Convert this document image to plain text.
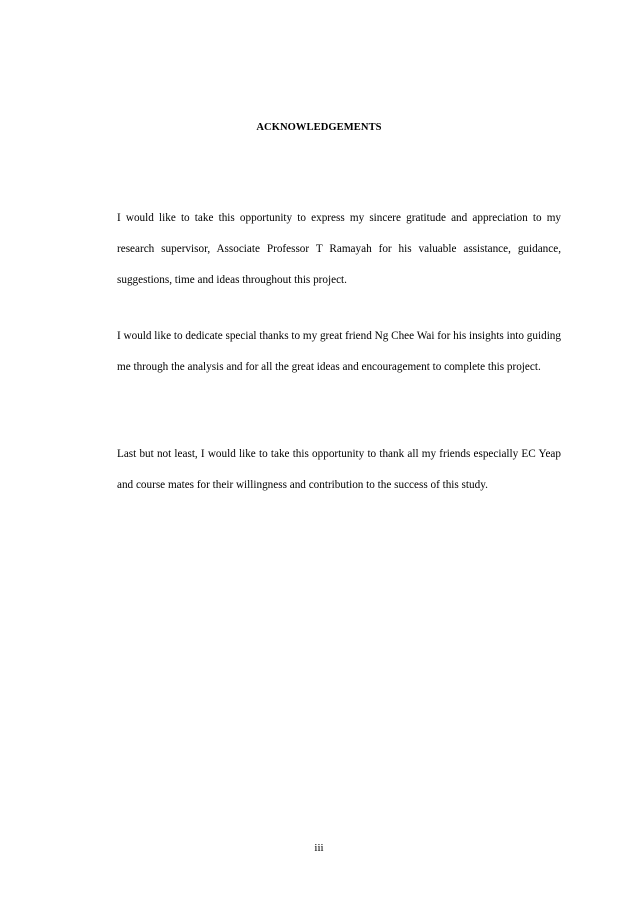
ACKNOWLEDGEMENTS

I would like to take this opportunity to express my sincere gratitude and appreciation to my research supervisor, Associate Professor T Ramayah for his valuable assistance, guidance, suggestions, time and ideas throughout this project.

I would like to dedicate special thanks to my great friend Ng Chee Wai for his insights into guiding me through the analysis and for all the great ideas and encouragement to complete this project.

Last but not least, I would like to take this opportunity to thank all my friends especially EC Yeap and course mates for their willingness and contribution to the success of this study.

iii
